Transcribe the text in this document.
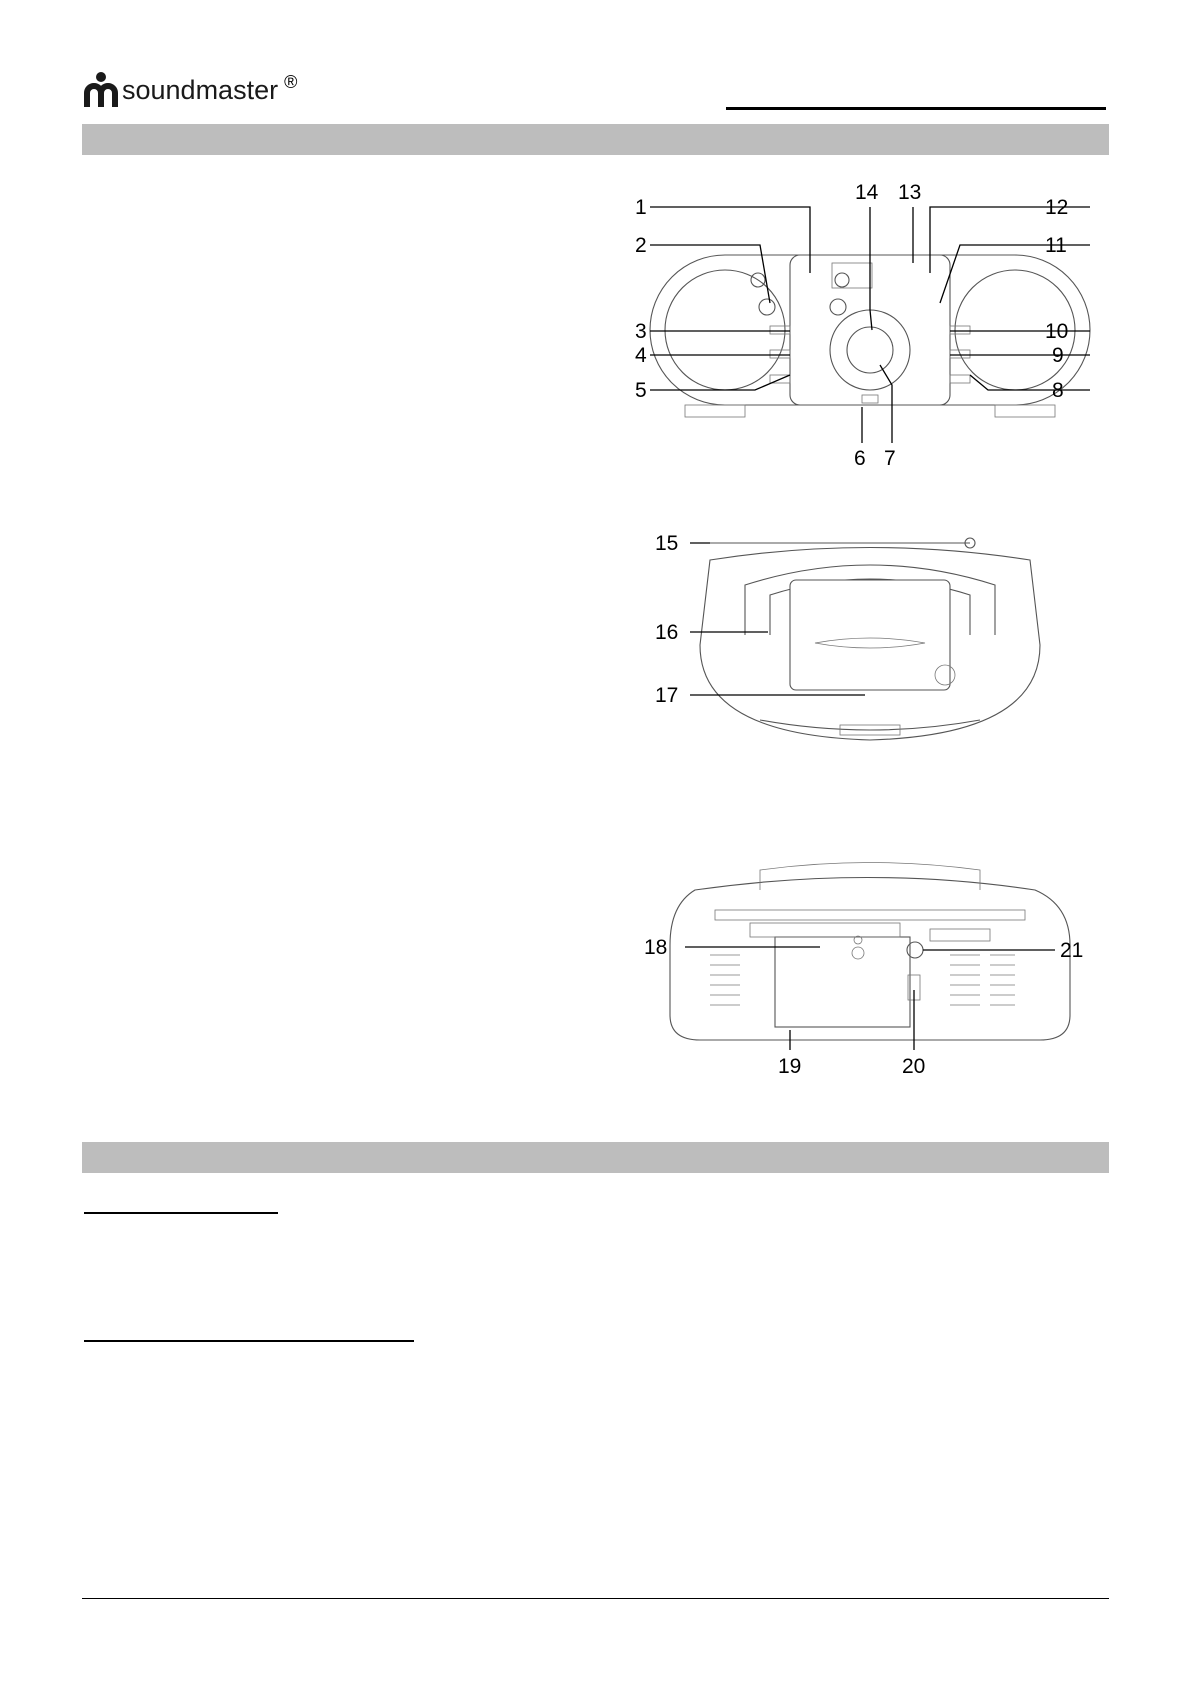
soundmaster ®
1
2
3
4
5
6 7
8
9
10
11
12
13
14
15
16
17
18
19	20
21
